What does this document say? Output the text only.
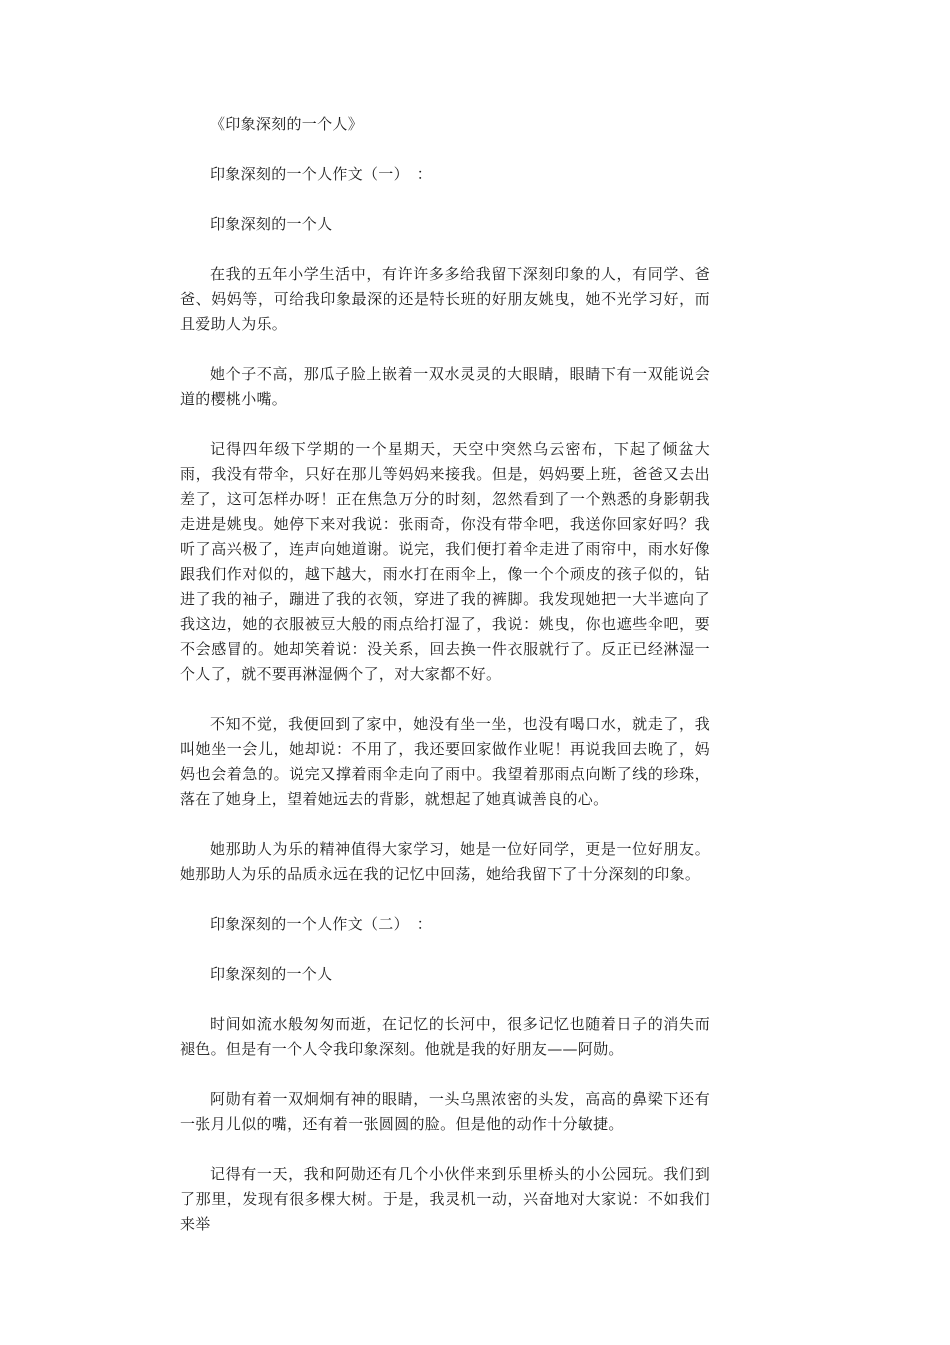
《印象深刻的一个人》

印象深刻的一个人作文（一）　：

印象深刻的一个人

在我的五年小学生活中，有许许多多给我留下深刻印象的人，有同学、爸爸、妈妈等，可给我印象最深的还是特长班的好朋友姚曳，她不光学习好，而且爱助人为乐。

她个子不高，那瓜子脸上嵌着一双水灵灵的大眼睛，眼睛下有一双能说会道的樱桃小嘴。

记得四年级下学期的一个星期天，天空中突然乌云密布，下起了倾盆大雨，我没有带伞，只好在那儿等妈妈来接我。但是，妈妈要上班，爸爸又去出差了，这可怎样办呀！正在焦急万分的时刻，忽然看到了一个熟悉的身影朝我走进是姚曳。她停下来对我说：张雨奇，你没有带伞吧，我送你回家好吗？我听了高兴极了，连声向她道谢。说完，我们便打着伞走进了雨帘中，雨水好像跟我们作对似的，越下越大，雨水打在雨伞上，像一个个顽皮的孩子似的，钻进了我的袖子，蹦进了我的衣领，穿进了我的裤脚。我发现她把一大半遮向了我这边，她的衣服被豆大般的雨点给打湿了，我说：姚曳，你也遮些伞吧，要不会感冒的。她却笑着说：没关系，回去换一件衣服就行了。反正已经淋湿一个人了，就不要再淋湿俩个了，对大家都不好。

不知不觉，我便回到了家中，她没有坐一坐，也没有喝口水，就走了，我叫她坐一会儿，她却说：不用了，我还要回家做作业呢！再说我回去晚了，妈妈也会着急的。说完又撑着雨伞走向了雨中。我望着那雨点向断了线的珍珠，落在了她身上，望着她远去的背影，就想起了她真诚善良的心。

她那助人为乐的精神值得大家学习，她是一位好同学，更是一位好朋友。她那助人为乐的品质永远在我的记忆中回荡，她给我留下了十分深刻的印象。

印象深刻的一个人作文（二）　：

印象深刻的一个人

时间如流水般匆匆而逝，在记忆的长河中，很多记忆也随着日子的消失而褪色。但是有一个人令我印象深刻。他就是我的好朋友——阿勋。

阿勋有着一双炯炯有神的眼睛，一头乌黑浓密的头发，高高的鼻梁下还有一张月儿似的嘴，还有着一张圆圆的脸。但是他的动作十分敏捷。

记得有一天，我和阿勋还有几个小伙伴来到乐里桥头的小公园玩。我们到了那里，发现有很多棵大树。于是，我灵机一动，兴奋地对大家说：不如我们来举
